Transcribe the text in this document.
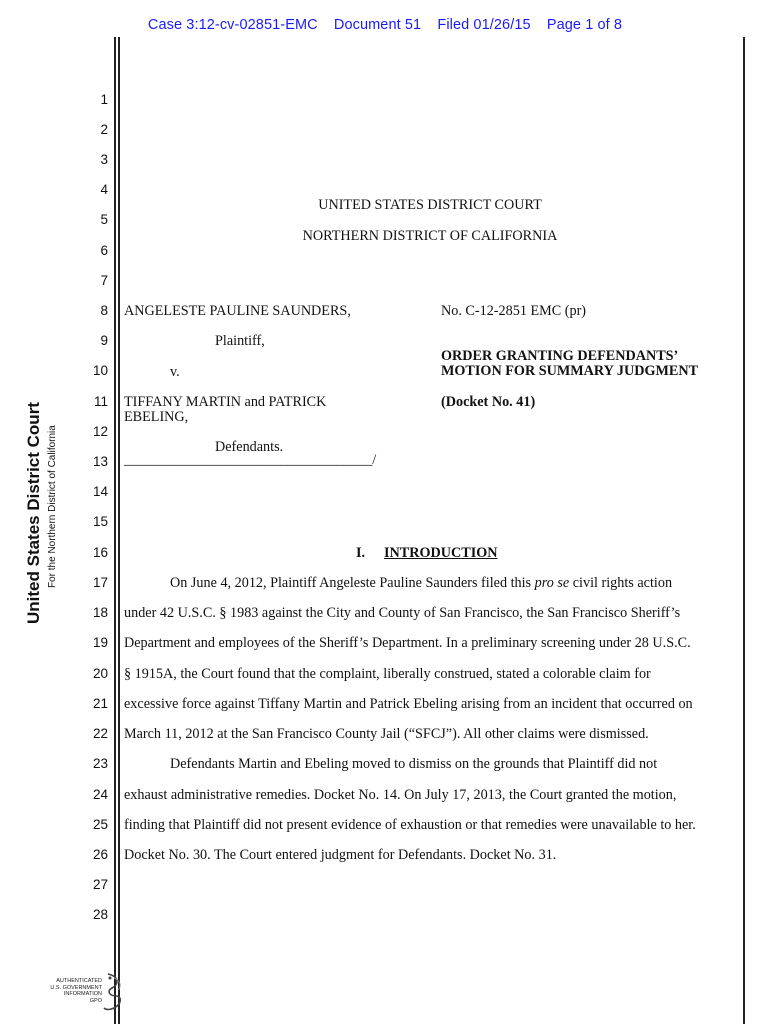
Case 3:12-cv-02851-EMC Document 51 Filed 01/26/15 Page 1 of 8
United States District Court For the Northern District of California
1
2
3
4
5
6
7
8
9
10
11
12
13
14
15
16
17
18
19
20
21
22
23
24
25
26
27
28
UNITED STATES DISTRICT COURT
NORTHERN DISTRICT OF CALIFORNIA
ANGELESTE PAULINE SAUNDERS,
Plaintiff,
v.
TIFFANY MARTIN and PATRICK
EBELING,
Defendants.
___________________________________/
No. C-12-2851 EMC (pr)
ORDER GRANTING DEFENDANTS’
MOTION FOR SUMMARY JUDGMENT
(Docket No. 41)
I. INTRODUCTION
On June 4, 2012, Plaintiff Angeleste Pauline Saunders filed this pro se civil rights action
under 42 U.S.C. § 1983 against the City and County of San Francisco, the San Francisco Sheriff’s
Department and employees of the Sheriff’s Department. In a preliminary screening under 28 U.S.C.
§ 1915A, the Court found that the complaint, liberally construed, stated a colorable claim for
excessive force against Tiffany Martin and Patrick Ebeling arising from an incident that occurred on
March 11, 2012 at the San Francisco County Jail (“SFCJ”). All other claims were dismissed.
Defendants Martin and Ebeling moved to dismiss on the grounds that Plaintiff did not
exhaust administrative remedies. Docket No. 14. On July 17, 2013, the Court granted the motion,
finding that Plaintiff did not present evidence of exhaustion or that remedies were unavailable to her.
Docket No. 30. The Court entered judgment for Defendants. Docket No. 31.
AUTHENTICATED
U.S. GOVERNMENT
INFORMATION
GPO
